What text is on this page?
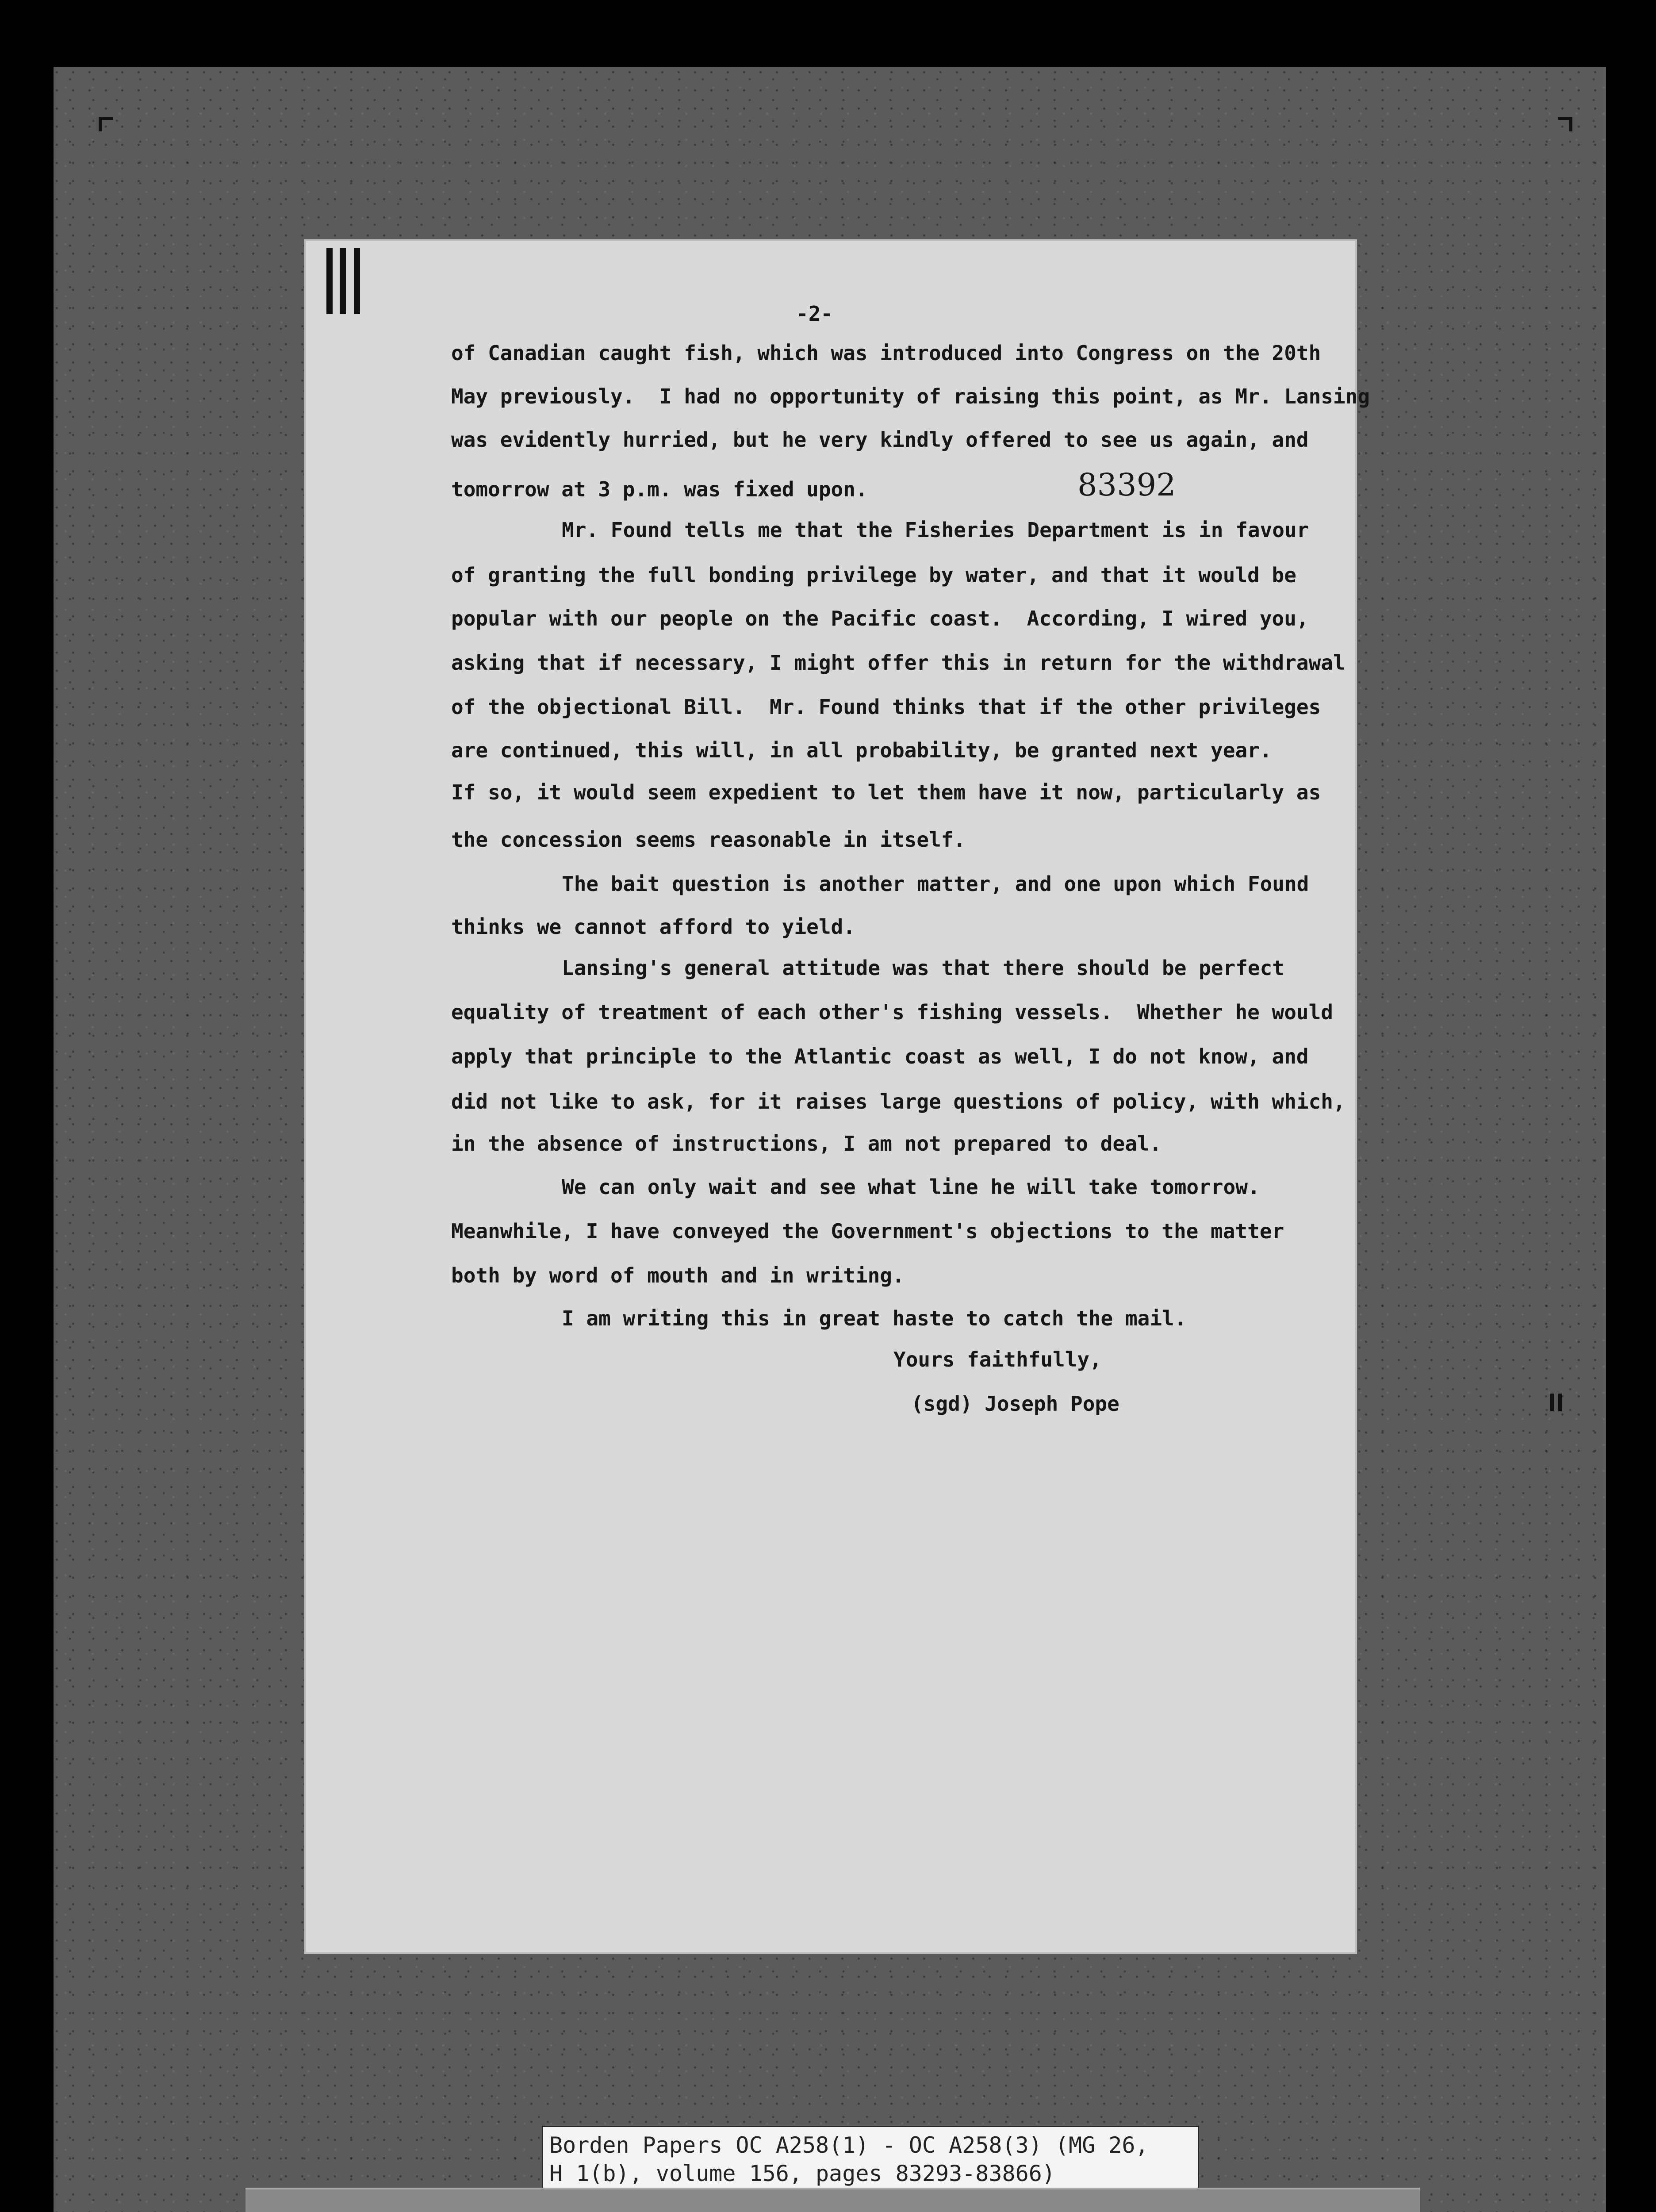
-2-
83392
of Canadian caught fish, which was introduced into Congress on the 20th
May previously.  I had no opportunity of raising this point, as Mr. Lansing
was evidently hurried, but he very kindly offered to see us again, and
tomorrow at 3 p.m. was fixed upon.
Mr. Found tells me that the Fisheries Department is in favour
of granting the full bonding privilege by water, and that it would be
popular with our people on the Pacific coast.  According, I wired you,
asking that if necessary, I might offer this in return for the withdrawal
of the objectional Bill.  Mr. Found thinks that if the other privileges
are continued, this will, in all probability, be granted next year.
If so, it would seem expedient to let them have it now, particularly as
the concession seems reasonable in itself.
The bait question is another matter, and one upon which Found
thinks we cannot afford to yield.
Lansing's general attitude was that there should be perfect
equality of treatment of each other's fishing vessels.  Whether he would
apply that principle to the Atlantic coast as well, I do not know, and
did not like to ask, for it raises large questions of policy, with which,
in the absence of instructions, I am not prepared to deal.
We can only wait and see what line he will take tomorrow.
Meanwhile, I have conveyed the Government's objections to the matter
both by word of mouth and in writing.
I am writing this in great haste to catch the mail.
Yours faithfully,
(sgd) Joseph Pope
Borden Papers OC A258(1) - OC A258(3) (MG 26,
H 1(b), volume 156, pages 83293-83866)
